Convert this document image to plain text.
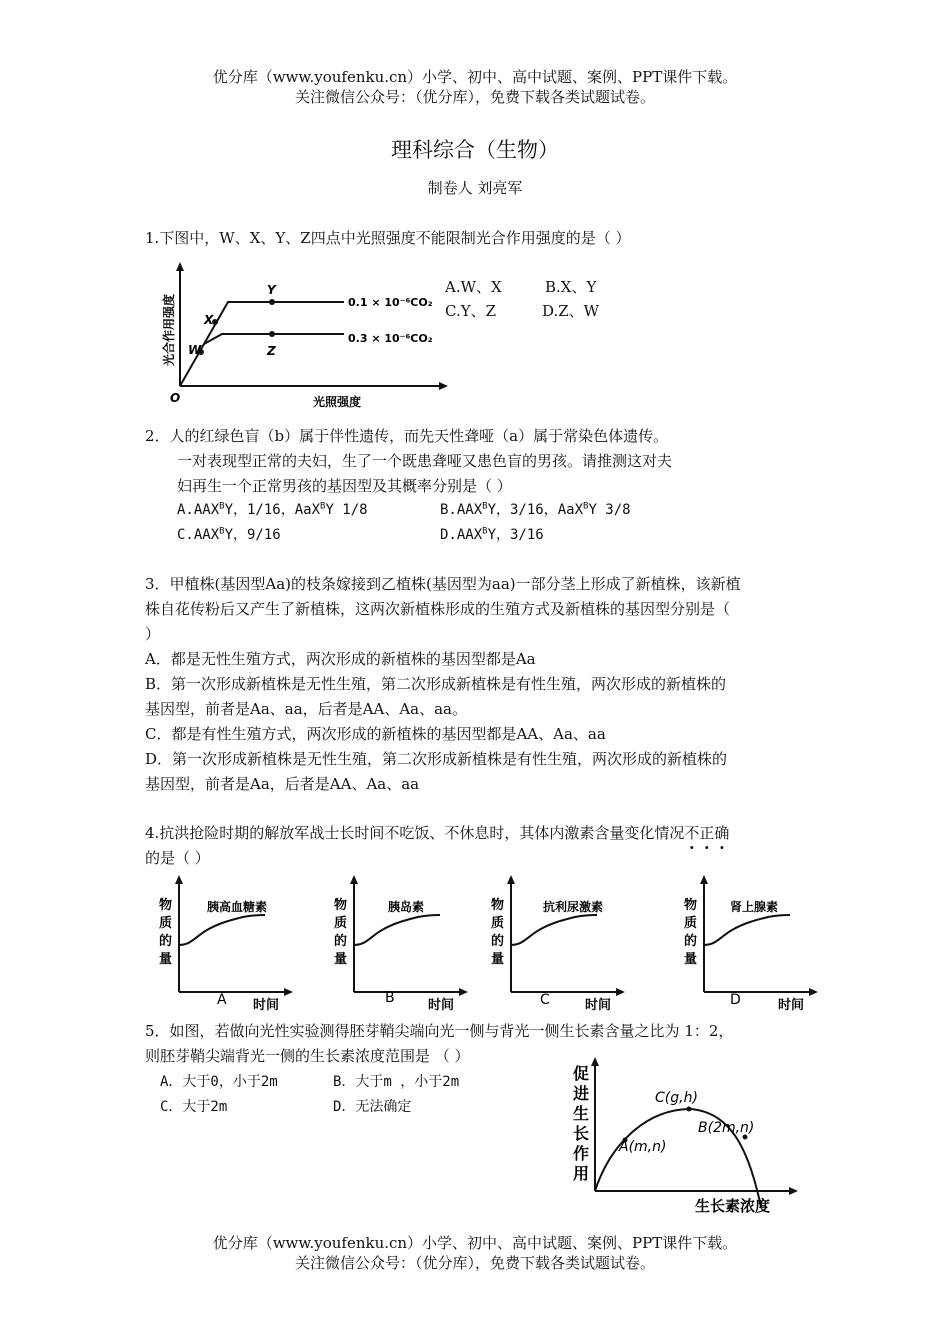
优分库（www.youfenku.cn）小学、初中、高中试题、案例、PPT课件下载。
关注微信公众号：（优分库），免费下载各类试题试卷。
理科综合（生物）
制卷人 刘亮军
1.下图中，W、X、Y、Z四点中光照强度不能限制光合作用强度的是（ ）
W
X
Y
Z
0.1 × 10⁻⁶CO₂
0.3 × 10⁻⁶CO₂
O	光照强度
光合作用强度
A.W、X	B.X、Y
C.Y、Z	D.Z、W
2．人的红绿色盲（b）属于伴性遗传，而先天性聋哑（a）属于常染色体遗传。
一对表现型正常的夫妇，生了一个既患聋哑又患色盲的男孩。请推测这对夫
妇再生一个正常男孩的基因型及其概率分别是（ ）
$A.AAX^BY$，1/16，AaX$^B$Y 1/8	$B.AAX^BY$，3/16，AaX$^B$Y 3/8
$C.AAX^BY$，9/16	$D.AAX^BY$，3/16
3．甲植株(基因型Aa)的枝条嫁接到乙植株(基因型为aa)一部分茎上形成了新植株，该新植
株自花传粉后又产生了新植株，这两次新植株形成的生殖方式及新植株的基因型分别是（
）
A．都是无性生殖方式，两次形成的新植株的基因型都是Aa
B．第一次形成新植株是无性生殖，第二次形成新植株是有性生殖，两次形成的新植株的
基因型，前者是Aa、aa，后者是AA、Aa、aa。
C．都是有性生殖方式，两次形成的新植株的基因型都是AA、Aa、aa
D．第一次形成新植株是无性生殖，第二次形成新植株是有性生殖，两次形成的新植株的
基因型，前者是Aa，后者是AA、Aa、aa
4.抗洪抢险时期的解放军战士长时间不吃饭、不休息时，其体内激素含量变化情况不正确
的是（ ）
胰高血糖素
物
质
的
量
时间
A
胰岛素
物
质
的
量
时间
B
抗利尿激素
物
质
的
量
时间
C
肾上腺素
物
质
的
量
时间
D
5．如图，若做向光性实验测得胚芽鞘尖端向光一侧与背光一侧生长素含量之比为 1：2，
则胚芽鞘尖端背光一侧的生长素浓度范围是 （ ）
A．大于0，小于2m	B．大于m ，小于2m
C．大于2m	D．无法确定
A(m,n)
C(g,h)
B(2m,n)
生长素浓度
促
进
生
长
作
用
优分库（www.youfenku.cn）小学、初中、高中试题、案例、PPT课件下载。
关注微信公众号：（优分库），免费下载各类试题试卷。
